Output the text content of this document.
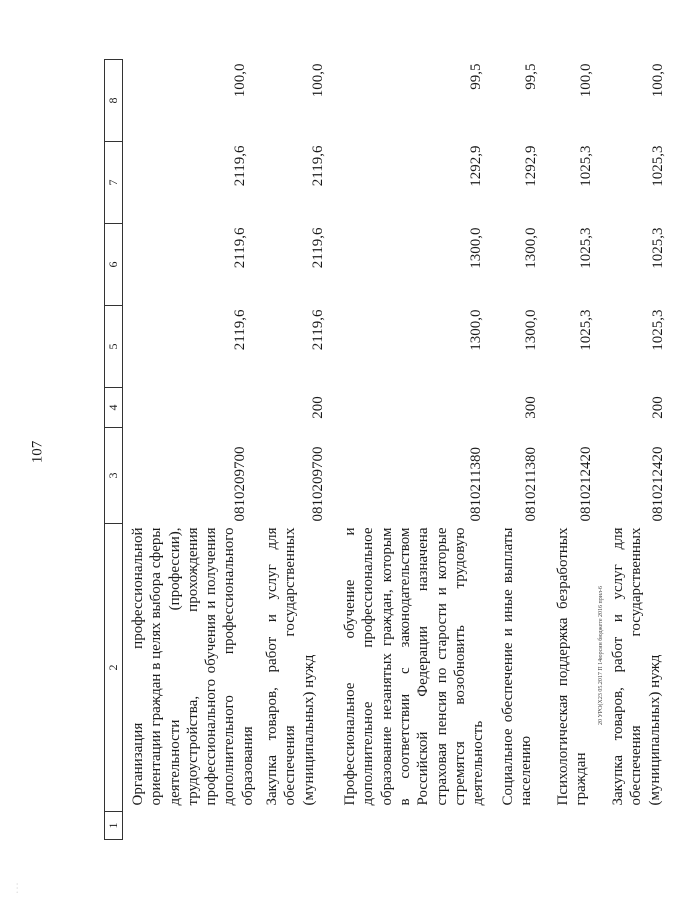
107
1	2	3	4	5	6	7	8
	Организация профессиональной ориентации граждан в целях выбора сферы деятельности (профессии), трудоустройства, прохождения профессионального обучения и получения дополнительного профессионального образования	0810209700		2119,6	2119,6	2119,6	100,0
	Закупка товаров, работ и услуг для обеспечения государственных (муниципальных) нужд	0810209700	200	2119,6	2119,6	2119,6	100,0
	Профессиональное обучение и дополнительное профессиональное образование незанятых граждан, которым в соответствии с законодательством Российской Федерации назначена страховая пенсия по старости и которые стремятся возобновить трудовую деятельность	0810211380		1300,0	1300,0	1292,9	99,5
	Социальное обеспечение и иные выплаты населению	0810211380	300	1300,0	1300,0	1292,9	99,5
	Психологическая поддержка безработных граждан	0810212420		1025,3	1025,3	1025,3	100,0
	Закупка товаров, работ и услуг для обеспечения государственных (муниципальных) нужд	0810212420	200	1025,3	1025,3	1025,3	100,0
20 УРО(Х23 05.2017 П 14юрсин бюджете 2016 прил-6
˙ ˙ ˙
